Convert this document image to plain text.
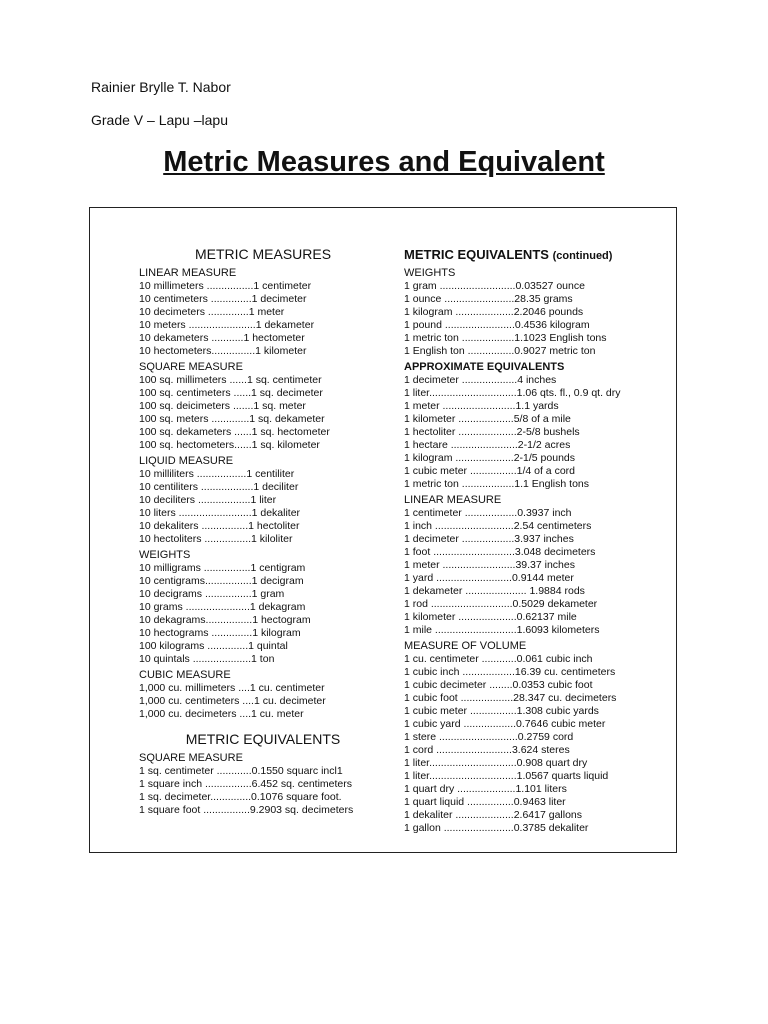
Rainier Brylle T. Nabor
Grade V – Lapu –lapu
Metric Measures and Equivalent
METRIC MEASURES
LINEAR MEASURE
10 millimeters ................1 centimeter
10 centimeters ..............1 decimeter
10 decimeters ..............1 meter
10 meters .......................1 dekameter
10 dekameters ...........1 hectometer
10 hectometers...............1 kilometer
SQUARE MEASURE
100 sq. millimeters ......1 sq. centimeter
100 sq. centimeters ......1 sq. decimeter
100 sq. deicimeters .......1 sq. meter
100 sq. meters .............1 sq. dekameter
100 sq. dekameters ......1 sq. hectometer
100 sq. hectometers......1 sq. kilometer
LIQUID MEASURE
10 milliliters .................1 centiliter
10 centiliters ..................1 deciliter
10 deciliters ..................1 liter
10 liters .........................1 dekaliter
10 dekaliters ................1 hectoliter
10 hectoliters ................1 kiloliter
WEIGHTS
10 milligrams ................1 centigram
10 centigrams................1 decigram
10 decigrams ................1 gram
10 grams ......................1 dekagram
10 dekagrams................1 hectogram
10 hectograms ..............1 kilogram
100 kilograms ..............1 quintal
10 quintals ....................1 ton
CUBIC MEASURE
1,000 cu. millimeters ....1 cu. centimeter
1,000 cu. centimeters ....1 cu. decimeter
1,000 cu. decimeters ....1 cu. meter
METRIC EQUIVALENTS
SQUARE MEASURE
1 sq. centimeter ............0.1550 squarc incl1
1 square inch ................6.452 sq. centimeters
1 sq. decimeter..............0.1076 square foot.
1 square foot ................9.2903 sq. decimeters
METRIC EQUIVALENTS (continued)
WEIGHTS
1 gram ..........................0.03527 ounce
1 ounce ........................28.35 grams
1 kilogram ....................2.2046 pounds
1 pound ........................0.4536 kilogram
1 metric ton ..................1.1023 English tons
1 English ton ................0.9027 metric ton
APPROXIMATE EQUIVALENTS
1 decimeter ...................4 inches
1 liter..............................1.06 qts. fl., 0.9 qt. dry
1 meter .........................1.1 yards
1 kilometer ...................5/8 of a mile
1 hectoliter ....................2-5/8 bushels
1 hectare .......................2-1/2 acres
1 kilogram ....................2-1/5 pounds
1 cubic meter ................1/4 of a cord
1 metric ton ..................1.1 English tons
LINEAR MEASURE
1 centimeter ..................0.3937 inch
1 inch ...........................2.54 centimeters
1 decimeter ..................3.937 inches
1 foot ............................3.048 decimeters
1 meter .........................39.37 inches
1 yard ..........................0.9144 meter
1 dekameter ..................... 1.9884 rods
1 rod ............................0.5029 dekameter
1 kilometer ....................0.62137 mile
1 mile ............................1.6093 kilometers
MEASURE OF VOLUME
1 cu. centimeter ............0.061 cubic inch
1 cubic inch ..................16.39 cu. centimeters
1 cubic decimeter ........0.0353 cubic foot
1 cubic foot ..................28.347 cu. decimeters
1 cubic meter ................1.308 cubic yards
1 cubic yard ..................0.7646 cubic meter
1 stere ...........................0.2759 cord
1 cord ..........................3.624 steres
1 liter..............................0.908 quart dry
1 liter..............................1.0567 quarts liquid
1 quart dry ....................1.101 liters
1 quart liquid ................0.9463 liter
1 dekaliter ....................2.6417 gallons
1 gallon ........................0.3785 dekaliter
